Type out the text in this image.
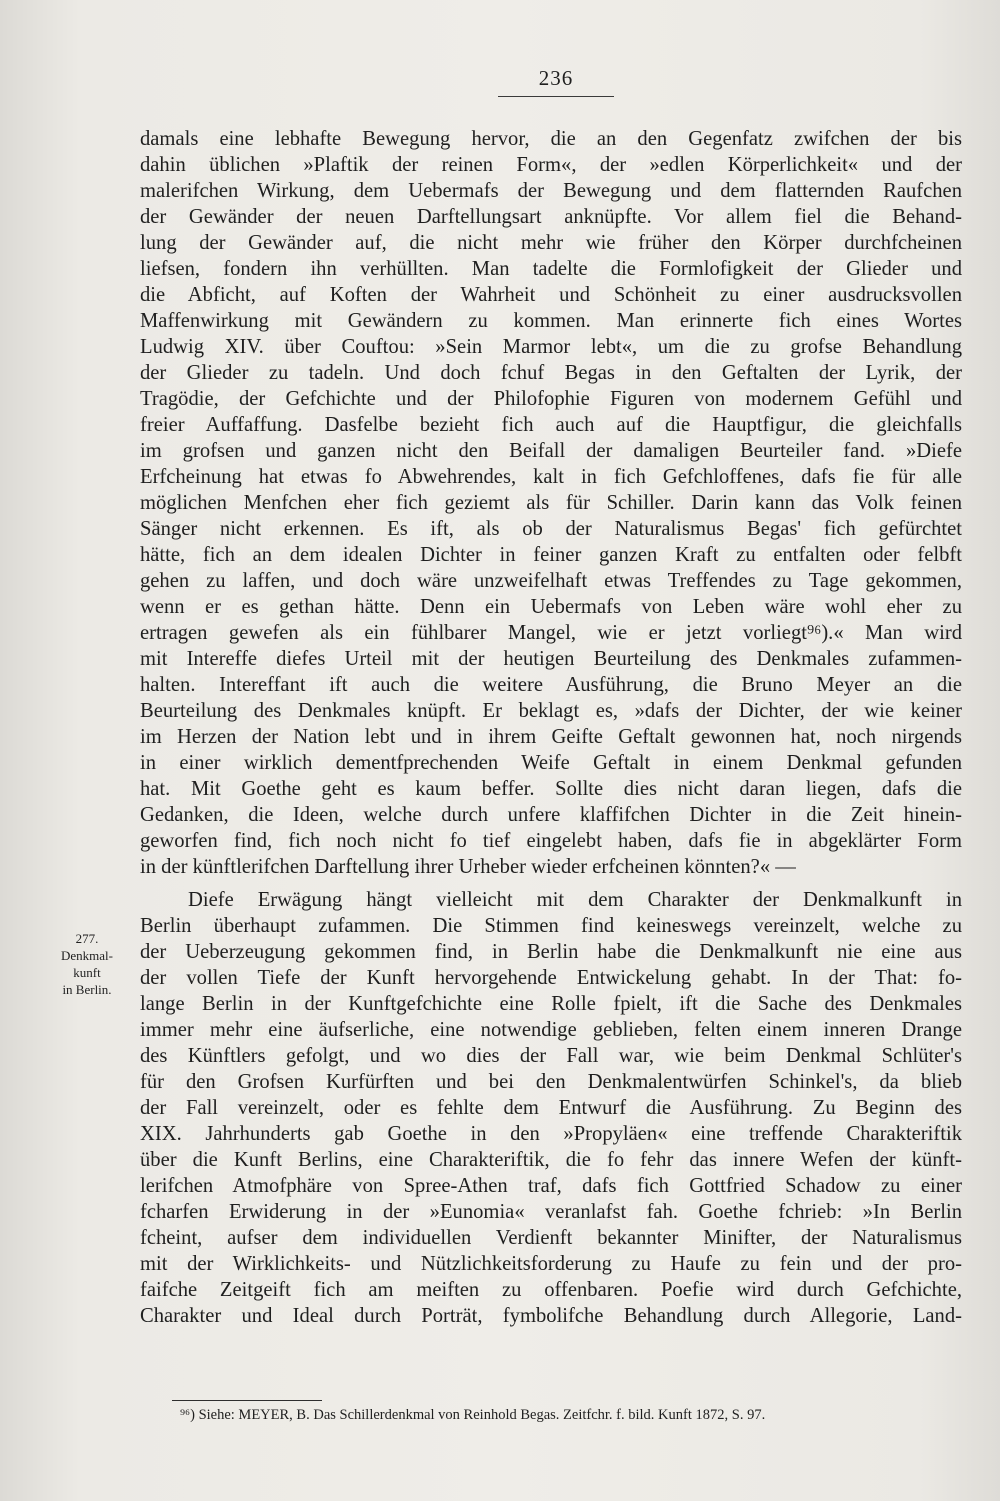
236
277.
Denkmal-
kunft
in Berlin.
damals eine lebhafte Bewegung hervor, die an den Gegenfatz zwifchen der bis
dahin üblichen »Plaftik der reinen Form«, der »edlen Körperlichkeit« und der
malerifchen Wirkung, dem Uebermafs der Bewegung und dem flatternden Raufchen
der Gewänder der neuen Darftellungsart anknüpfte. Vor allem fiel die Behand-
lung der Gewänder auf, die nicht mehr wie früher den Körper durchfcheinen
liefsen, fondern ihn verhüllten. Man tadelte die Formlofigkeit der Glieder und
die Abficht, auf Koften der Wahrheit und Schönheit zu einer ausdrucksvollen
Maffenwirkung mit Gewändern zu kommen. Man erinnerte fich eines Wortes
Ludwig XIV. über Couftou: »Sein Marmor lebt«, um die zu grofse Behandlung
der Glieder zu tadeln. Und doch fchuf Begas in den Geftalten der Lyrik, der
Tragödie, der Gefchichte und der Philofophie Figuren von modernem Gefühl und
freier Auffaffung. Dasfelbe bezieht fich auch auf die Hauptfigur, die gleichfalls
im grofsen und ganzen nicht den Beifall der damaligen Beurteiler fand. »Diefe
Erfcheinung hat etwas fo Abwehrendes, kalt in fich Gefchloffenes, dafs fie für alle
möglichen Menfchen eher fich geziemt als für Schiller. Darin kann das Volk feinen
Sänger nicht erkennen. Es ift, als ob der Naturalismus Begas' fich gefürchtet
hätte, fich an dem idealen Dichter in feiner ganzen Kraft zu entfalten oder felbft
gehen zu laffen, und doch wäre unzweifelhaft etwas Treffendes zu Tage gekommen,
wenn er es gethan hätte. Denn ein Uebermafs von Leben wäre wohl eher zu
ertragen gewefen als ein fühlbarer Mangel, wie er jetzt vorliegt⁹⁶).« Man wird
mit Intereffe diefes Urteil mit der heutigen Beurteilung des Denkmales zufammen-
halten. Intereffant ift auch die weitere Ausführung, die Bruno Meyer an die
Beurteilung des Denkmales knüpft. Er beklagt es, »dafs der Dichter, der wie keiner
im Herzen der Nation lebt und in ihrem Geifte Geftalt gewonnen hat, noch nirgends
in einer wirklich dementfprechenden Weife Geftalt in einem Denkmal gefunden
hat. Mit Goethe geht es kaum beffer. Sollte dies nicht daran liegen, dafs die
Gedanken, die Ideen, welche durch unfere klaffifchen Dichter in die Zeit hinein-
geworfen find, fich noch nicht fo tief eingelebt haben, dafs fie in abgeklärter Form
in der künftlerifchen Darftellung ihrer Urheber wieder erfcheinen könnten?« —
Diefe Erwägung hängt vielleicht mit dem Charakter der Denkmalkunft in
Berlin überhaupt zufammen. Die Stimmen find keineswegs vereinzelt, welche zu
der Ueberzeugung gekommen find, in Berlin habe die Denkmalkunft nie eine aus
der vollen Tiefe der Kunft hervorgehende Entwickelung gehabt. In der That: fo-
lange Berlin in der Kunftgefchichte eine Rolle fpielt, ift die Sache des Denkmales
immer mehr eine äufserliche, eine notwendige geblieben, felten einem inneren Drange
des Künftlers gefolgt, und wo dies der Fall war, wie beim Denkmal Schlüter's
für den Grofsen Kurfürften und bei den Denkmalentwürfen Schinkel's, da blieb
der Fall vereinzelt, oder es fehlte dem Entwurf die Ausführung. Zu Beginn des
XIX. Jahrhunderts gab Goethe in den »Propyläen« eine treffende Charakteriftik
über die Kunft Berlins, eine Charakteriftik, die fo fehr das innere Wefen der künft-
lerifchen Atmofphäre von Spree-Athen traf, dafs fich Gottfried Schadow zu einer
fcharfen Erwiderung in der »Eunomia« veranlafst fah. Goethe fchrieb: »In Berlin
fcheint, aufser dem individuellen Verdienft bekannter Minifter, der Naturalismus
mit der Wirklichkeits- und Nützlichkeitsforderung zu Haufe zu fein und der pro-
faifche Zeitgeift fich am meiften zu offenbaren. Poefie wird durch Gefchichte,
Charakter und Ideal durch Porträt, fymbolifche Behandlung durch Allegorie, Land-
⁹⁶) Siehe: MEYER, B. Das Schillerdenkmal von Reinhold Begas. Zeitfchr. f. bild. Kunft 1872, S. 97.
